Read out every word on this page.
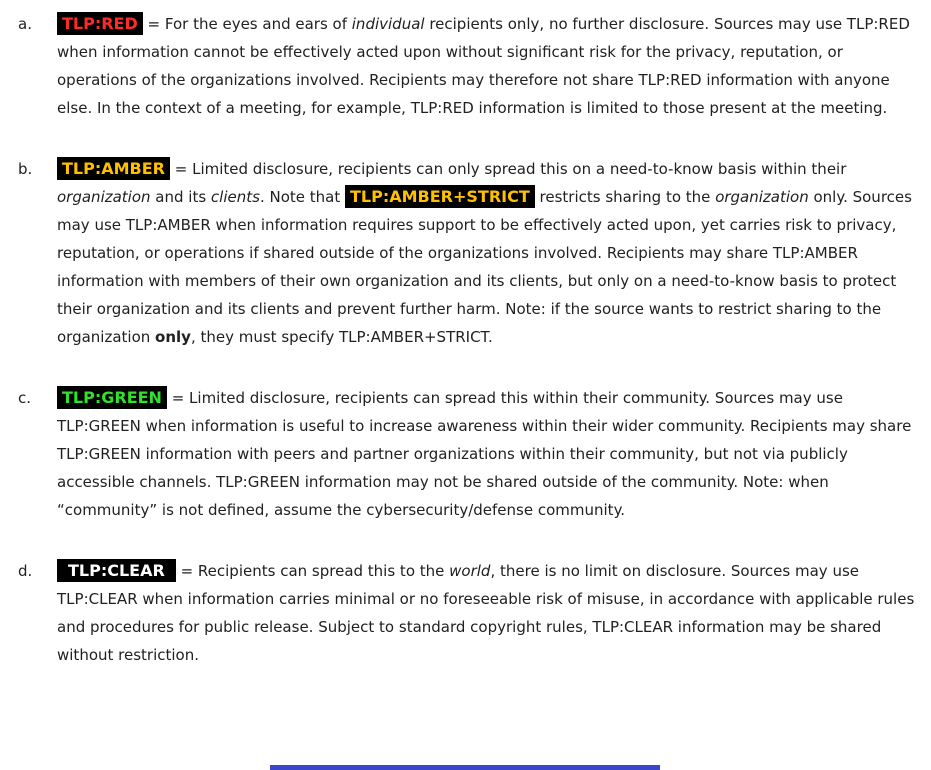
a.	TLP:RED = For the eyes and ears of individual recipients only, no further disclosure. Sources may use TLP:RED when information cannot be effectively acted upon without significant risk for the privacy, reputation, or operations of the organizations involved. Recipients may therefore not share TLP:RED information with anyone else. In the context of a meeting, for example, TLP:RED information is limited to those present at the meeting.
b.	TLP:AMBER = Limited disclosure, recipients can only spread this on a need-to-know basis within their organization and its clients. Note that TLP:AMBER+STRICT restricts sharing to the organization only. Sources may use TLP:AMBER when information requires support to be effectively acted upon, yet carries risk to privacy, reputation, or operations if shared outside of the organizations involved. Recipients may share TLP:AMBER information with members of their own organization and its clients, but only on a need-to-know basis to protect their organization and its clients and prevent further harm. Note: if the source wants to restrict sharing to the organization only, they must specify TLP:AMBER+STRICT.
c.	TLP:GREEN = Limited disclosure, recipients can spread this within their community. Sources may use TLP:GREEN when information is useful to increase awareness within their wider community. Recipients may share TLP:GREEN information with peers and partner organizations within their community, but not via publicly accessible channels. TLP:GREEN information may not be shared outside of the community. Note: when “community” is not defined, assume the cybersecurity/defense community.
d.	TLP:CLEAR = Recipients can spread this to the world, there is no limit on disclosure. Sources may use TLP:CLEAR when information carries minimal or no foreseeable risk of misuse, in accordance with applicable rules and procedures for public release. Subject to standard copyright rules, TLP:CLEAR information may be shared without restriction.
